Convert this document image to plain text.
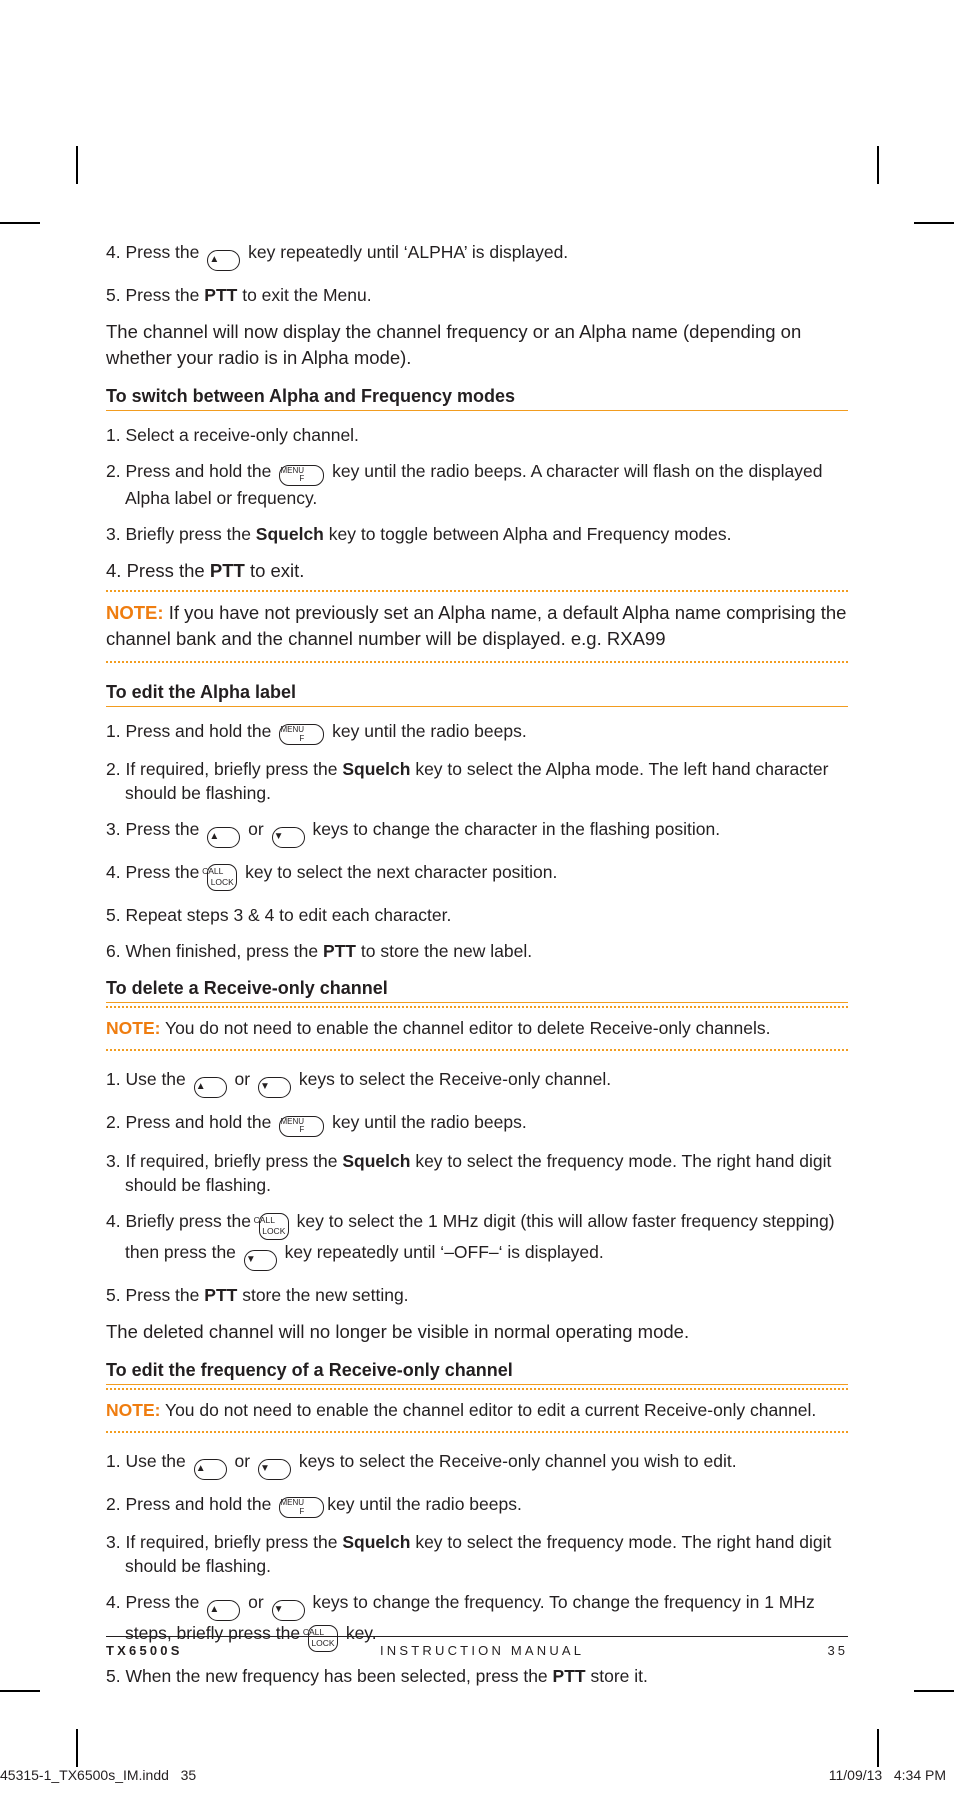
4. Press the ▲ key repeatedly until ‘ALPHA’ is displayed.

5. Press the PTT to exit the Menu.

The channel will now display the channel frequency or an Alpha name (depending on whether your radio is in Alpha mode).

To switch between Alpha and Frequency modes

1. Select a receive-only channel.

2. Press and hold the MENU
F key until the radio beeps. A character will flash on the displayed Alpha label or frequency.

3. Briefly press the Squelch key to toggle between Alpha and Frequency modes.

4. Press the PTT to exit.

NOTE: If you have not previously set an Alpha name, a default Alpha name comprising the channel bank and the channel number will be displayed. e.g. RXA99

To edit the Alpha label

1. Press and hold the MENU
F key until the radio beeps.

2. If required, briefly press the Squelch key to select the Alpha mode. The left hand character should be flashing.

3. Press the ▲ or ▼ keys to change the character in the flashing position.

4. Press the CALL
LOCK key to select the next character position.

5. Repeat steps 3 & 4 to edit each character.

6. When finished, press the PTT to store the new label.

To delete a Receive-only channel

NOTE: You do not need to enable the channel editor to delete Receive-only channels.

1. Use the ▲ or ▼ keys to select the Receive-only channel.

2. Press and hold the MENU
F key until the radio beeps.

3. If required, briefly press the Squelch key to select the frequency mode. The right hand digit should be flashing.

4. Briefly press the CALL
LOCK key to select the 1 MHz digit (this will allow faster frequency stepping) then press the ▼ key repeatedly until ‘–OFF–‘ is displayed.

5. Press the PTT store the new setting.

The deleted channel will no longer be visible in normal operating mode.

To edit the frequency of a Receive-only channel

NOTE: You do not need to enable the channel editor to edit a current Receive-only channel.

1. Use the ▲ or ▼ keys to select the Receive-only channel you wish to edit.

2. Press and hold the MENU
F key until the radio beeps.

3. If required, briefly press the Squelch key to select the frequency mode. The right hand digit should be flashing.

4. Press the ▲ or ▼ keys to change the frequency. To change the frequency in 1 MHz steps, briefly press the CALL
LOCK key.

5. When the new frequency has been selected, press the PTT store it.

TX6500S	INSTRUCTION MANUAL	35
45315-1_TX6500s_IM.indd   35	11/09/13   4:34 PM
